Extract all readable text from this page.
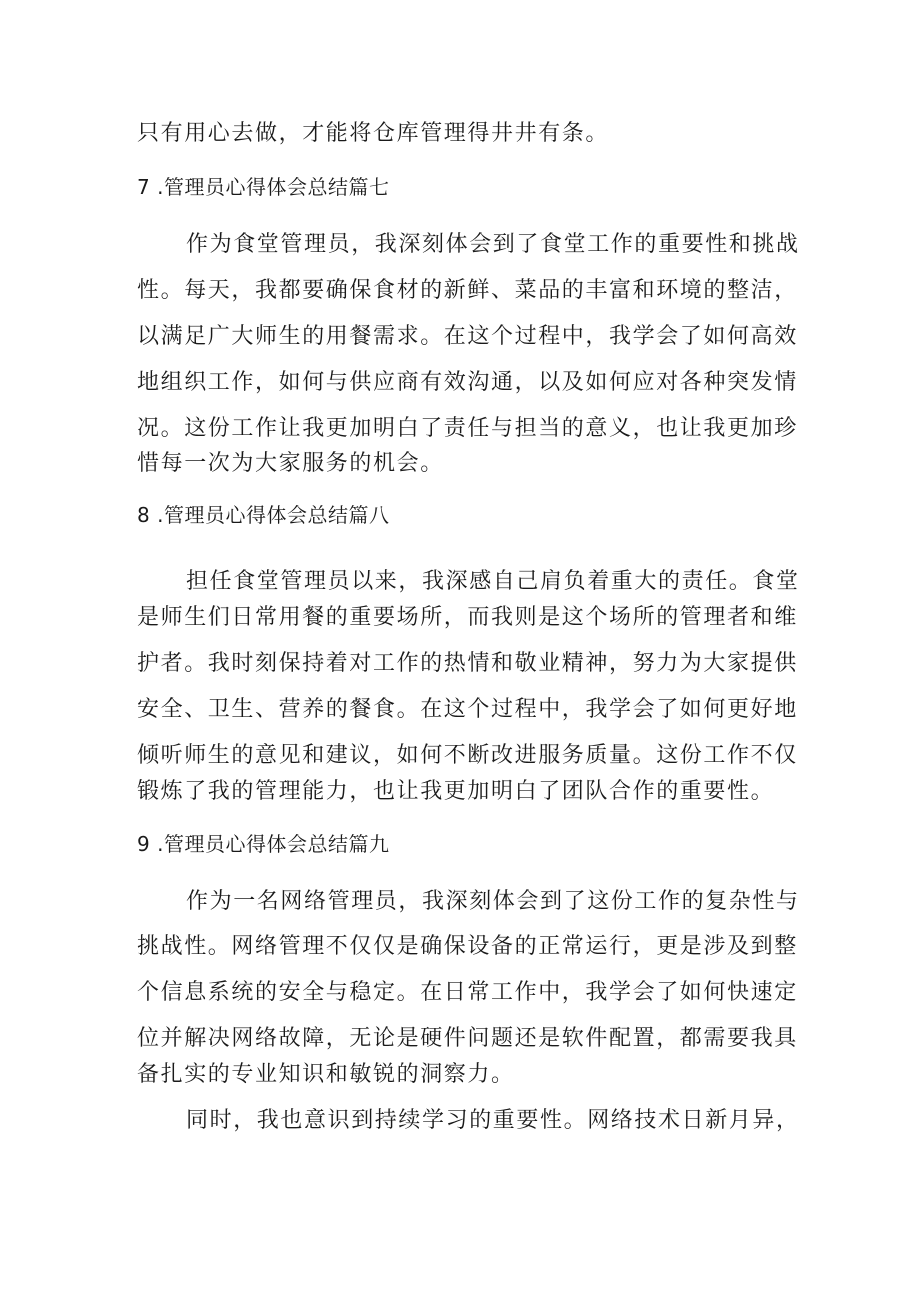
只有用心去做，才能将仓库管理得井井有条。
7 .管理员心得体会总结篇七
作为食堂管理员，我深刻体会到了食堂工作的重要性和挑战
性。每天，我都要确保食材的新鲜、菜品的丰富和环境的整洁，
以满足广大师生的用餐需求。在这个过程中，我学会了如何高效
地组织工作，如何与供应商有效沟通，以及如何应对各种突发情
况。这份工作让我更加明白了责任与担当的意义，也让我更加珍
惜每一次为大家服务的机会。
8 .管理员心得体会总结篇八
担任食堂管理员以来，我深感自己肩负着重大的责任。食堂
是师生们日常用餐的重要场所，而我则是这个场所的管理者和维
护者。我时刻保持着对工作的热情和敬业精神，努力为大家提供
安全、卫生、营养的餐食。在这个过程中，我学会了如何更好地
倾听师生的意见和建议，如何不断改进服务质量。这份工作不仅
锻炼了我的管理能力，也让我更加明白了团队合作的重要性。
9 .管理员心得体会总结篇九
作为一名网络管理员，我深刻体会到了这份工作的复杂性与
挑战性。网络管理不仅仅是确保设备的正常运行，更是涉及到整
个信息系统的安全与稳定。在日常工作中，我学会了如何快速定
位并解决网络故障，无论是硬件问题还是软件配置，都需要我具
备扎实的专业知识和敏锐的洞察力。
同时，我也意识到持续学习的重要性。网络技术日新月异，
